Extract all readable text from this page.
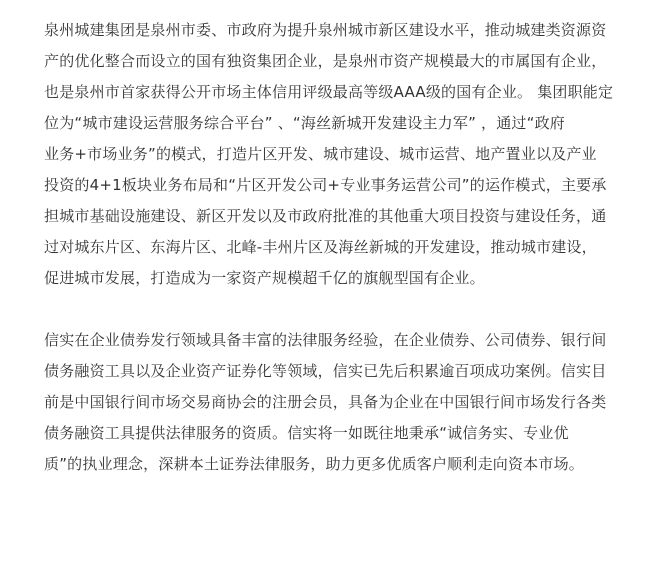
泉州城建集团是泉州市委、市政府为提升泉州城市新区建设水平，推动城建类资源资
产的优化整合而设立的国有独资集团企业，是泉州市资产规模最大的市属国有企业，
也是泉州市首家获得公开市场主体信用评级最高等级AAA级的国有企业。 集团职能定
位为“城市建设运营服务综合平台” 、“海丝新城开发建设主力军” ，通过“政府
业务+市场业务”的模式，打造片区开发、城市建设、城市运营、地产置业以及产业
投资的4+1板块业务布局和“片区开发公司+专业事务运营公司”的运作模式，主要承
担城市基础设施建设、新区开发以及市政府批准的其他重大项目投资与建设任务，通
过对城东片区、东海片区、北峰-丰州片区及海丝新城的开发建设，推动城市建设，
促进城市发展，打造成为一家资产规模超千亿的旗舰型国有企业。
信实在企业债券发行领域具备丰富的法律服务经验，在企业债券、公司债券、银行间
债务融资工具以及企业资产证券化等领域，信实已先后积累逾百项成功案例。信实目
前是中国银行间市场交易商协会的注册会员，具备为企业在中国银行间市场发行各类
债务融资工具提供法律服务的资质。信实将一如既往地秉承“诚信务实、专业优
质”的执业理念，深耕本土证券法律服务，助力更多优质客户顺利走向资本市场。
